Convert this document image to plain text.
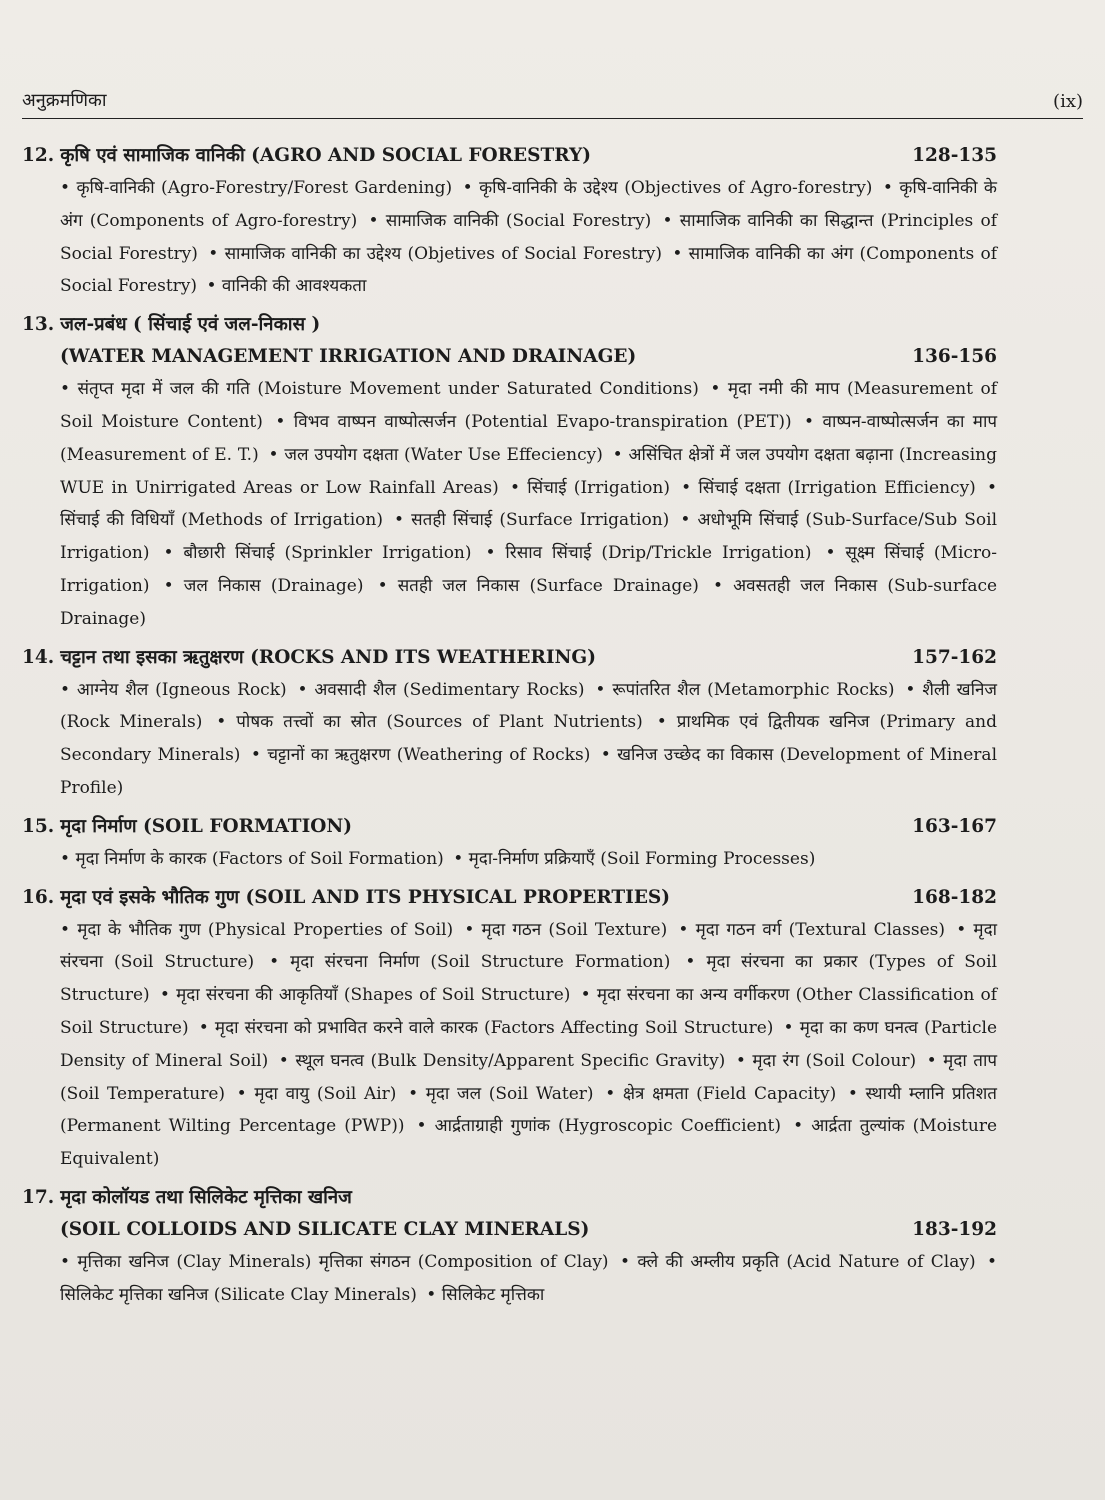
अनुक्रमणिका	(ix)
12. कृषि एवं सामाजिक वानिकी (AGRO AND SOCIAL FORESTRY)	128-135
• कृषि-वानिकी (Agro-Forestry/Forest Gardening) • कृषि-वानिकी के उद्देश्य (Objectives of Agro-forestry) • कृषि-वानिकी के अंग (Components of Agro-forestry) • सामाजिक वानिकी (Social Forestry) • सामाजिक वानिकी का सिद्धान्त (Principles of Social Forestry) • सामाजिक वानिकी का उद्देश्य (Objetives of Social Forestry) • सामाजिक वानिकी का अंग (Components of Social Forestry) • वानिकी की आवश्यकता
13. जल-प्रबंध ( सिंचाई एवं जल-निकास )
(WATER MANAGEMENT IRRIGATION AND DRAINAGE)	136-156
• संतृप्त मृदा में जल की गति (Moisture Movement under Saturated Conditions) • मृदा नमी की माप (Measurement of Soil Moisture Content) • विभव वाष्पन वाष्पोत्सर्जन (Potential Evapo-transpiration (PET)) • वाष्पन-वाष्पोत्सर्जन का माप (Measurement of E. T.) • जल उपयोग दक्षता (Water Use Effeciency) • असिंचित क्षेत्रों में जल उपयोग दक्षता बढ़ाना (Increasing WUE in Unirrigated Areas or Low Rainfall Areas) • सिंचाई (Irrigation) • सिंचाई दक्षता (Irrigation Efficiency) • सिंचाई की विधियाँ (Methods of Irrigation) • सतही सिंचाई (Surface Irrigation) • अधोभूमि सिंचाई (Sub-Surface/Sub Soil Irrigation) • बौछारी सिंचाई (Sprinkler Irrigation) • रिसाव सिंचाई (Drip/Trickle Irrigation) • सूक्ष्म सिंचाई (Micro-Irrigation) • जल निकास (Drainage) • सतही जल निकास (Surface Drainage) • अवसतही जल निकास (Sub-surface Drainage)
14. चट्टान तथा इसका ऋतुक्षरण (ROCKS AND ITS WEATHERING)	157-162
• आग्नेय शैल (Igneous Rock) • अवसादी शैल (Sedimentary Rocks) • रूपांतरित शैल (Metamorphic Rocks) • शैली खनिज (Rock Minerals) • पोषक तत्त्वों का स्रोत (Sources of Plant Nutrients) • प्राथमिक एवं द्वितीयक खनिज (Primary and Secondary Minerals) • चट्टानों का ऋतुक्षरण (Weathering of Rocks) • खनिज उच्छेद का विकास (Development of Mineral Profile)
15. मृदा निर्माण (SOIL FORMATION)	163-167
• मृदा निर्माण के कारक (Factors of Soil Formation) • मृदा-निर्माण प्रक्रियाएँ (Soil Forming Processes)
16. मृदा एवं इसके भौतिक गुण (SOIL AND ITS PHYSICAL PROPERTIES)	168-182
• मृदा के भौतिक गुण (Physical Properties of Soil) • मृदा गठन (Soil Texture) • मृदा गठन वर्ग (Textural Classes) • मृदा संरचना (Soil Structure) • मृदा संरचना निर्माण (Soil Structure Formation) • मृदा संरचना का प्रकार (Types of Soil Structure) • मृदा संरचना की आकृतियाँ (Shapes of Soil Structure) • मृदा संरचना का अन्य वर्गीकरण (Other Classification of Soil Structure) • मृदा संरचना को प्रभावित करने वाले कारक (Factors Affecting Soil Structure) • मृदा का कण घनत्व (Particle Density of Mineral Soil) • स्थूल घनत्व (Bulk Density/Apparent Specific Gravity) • मृदा रंग (Soil Colour) • मृदा ताप (Soil Temperature) • मृदा वायु (Soil Air) • मृदा जल (Soil Water) • क्षेत्र क्षमता (Field Capacity) • स्थायी म्लानि प्रतिशत (Permanent Wilting Percentage (PWP)) • आर्द्रताग्राही गुणांक (Hygroscopic Coefficient) • आर्द्रता तुल्यांक (Moisture Equivalent)
17. मृदा कोलॉयड तथा सिलिकेट मृत्तिका खनिज
(SOIL COLLOIDS AND SILICATE CLAY MINERALS)	183-192
• मृत्तिका खनिज (Clay Minerals) मृत्तिका संगठन (Composition of Clay) • क्ले की अम्लीय प्रकृति (Acid Nature of Clay) • सिलिकेट मृत्तिका खनिज (Silicate Clay Minerals) • सिलिकेट मृत्तिका
